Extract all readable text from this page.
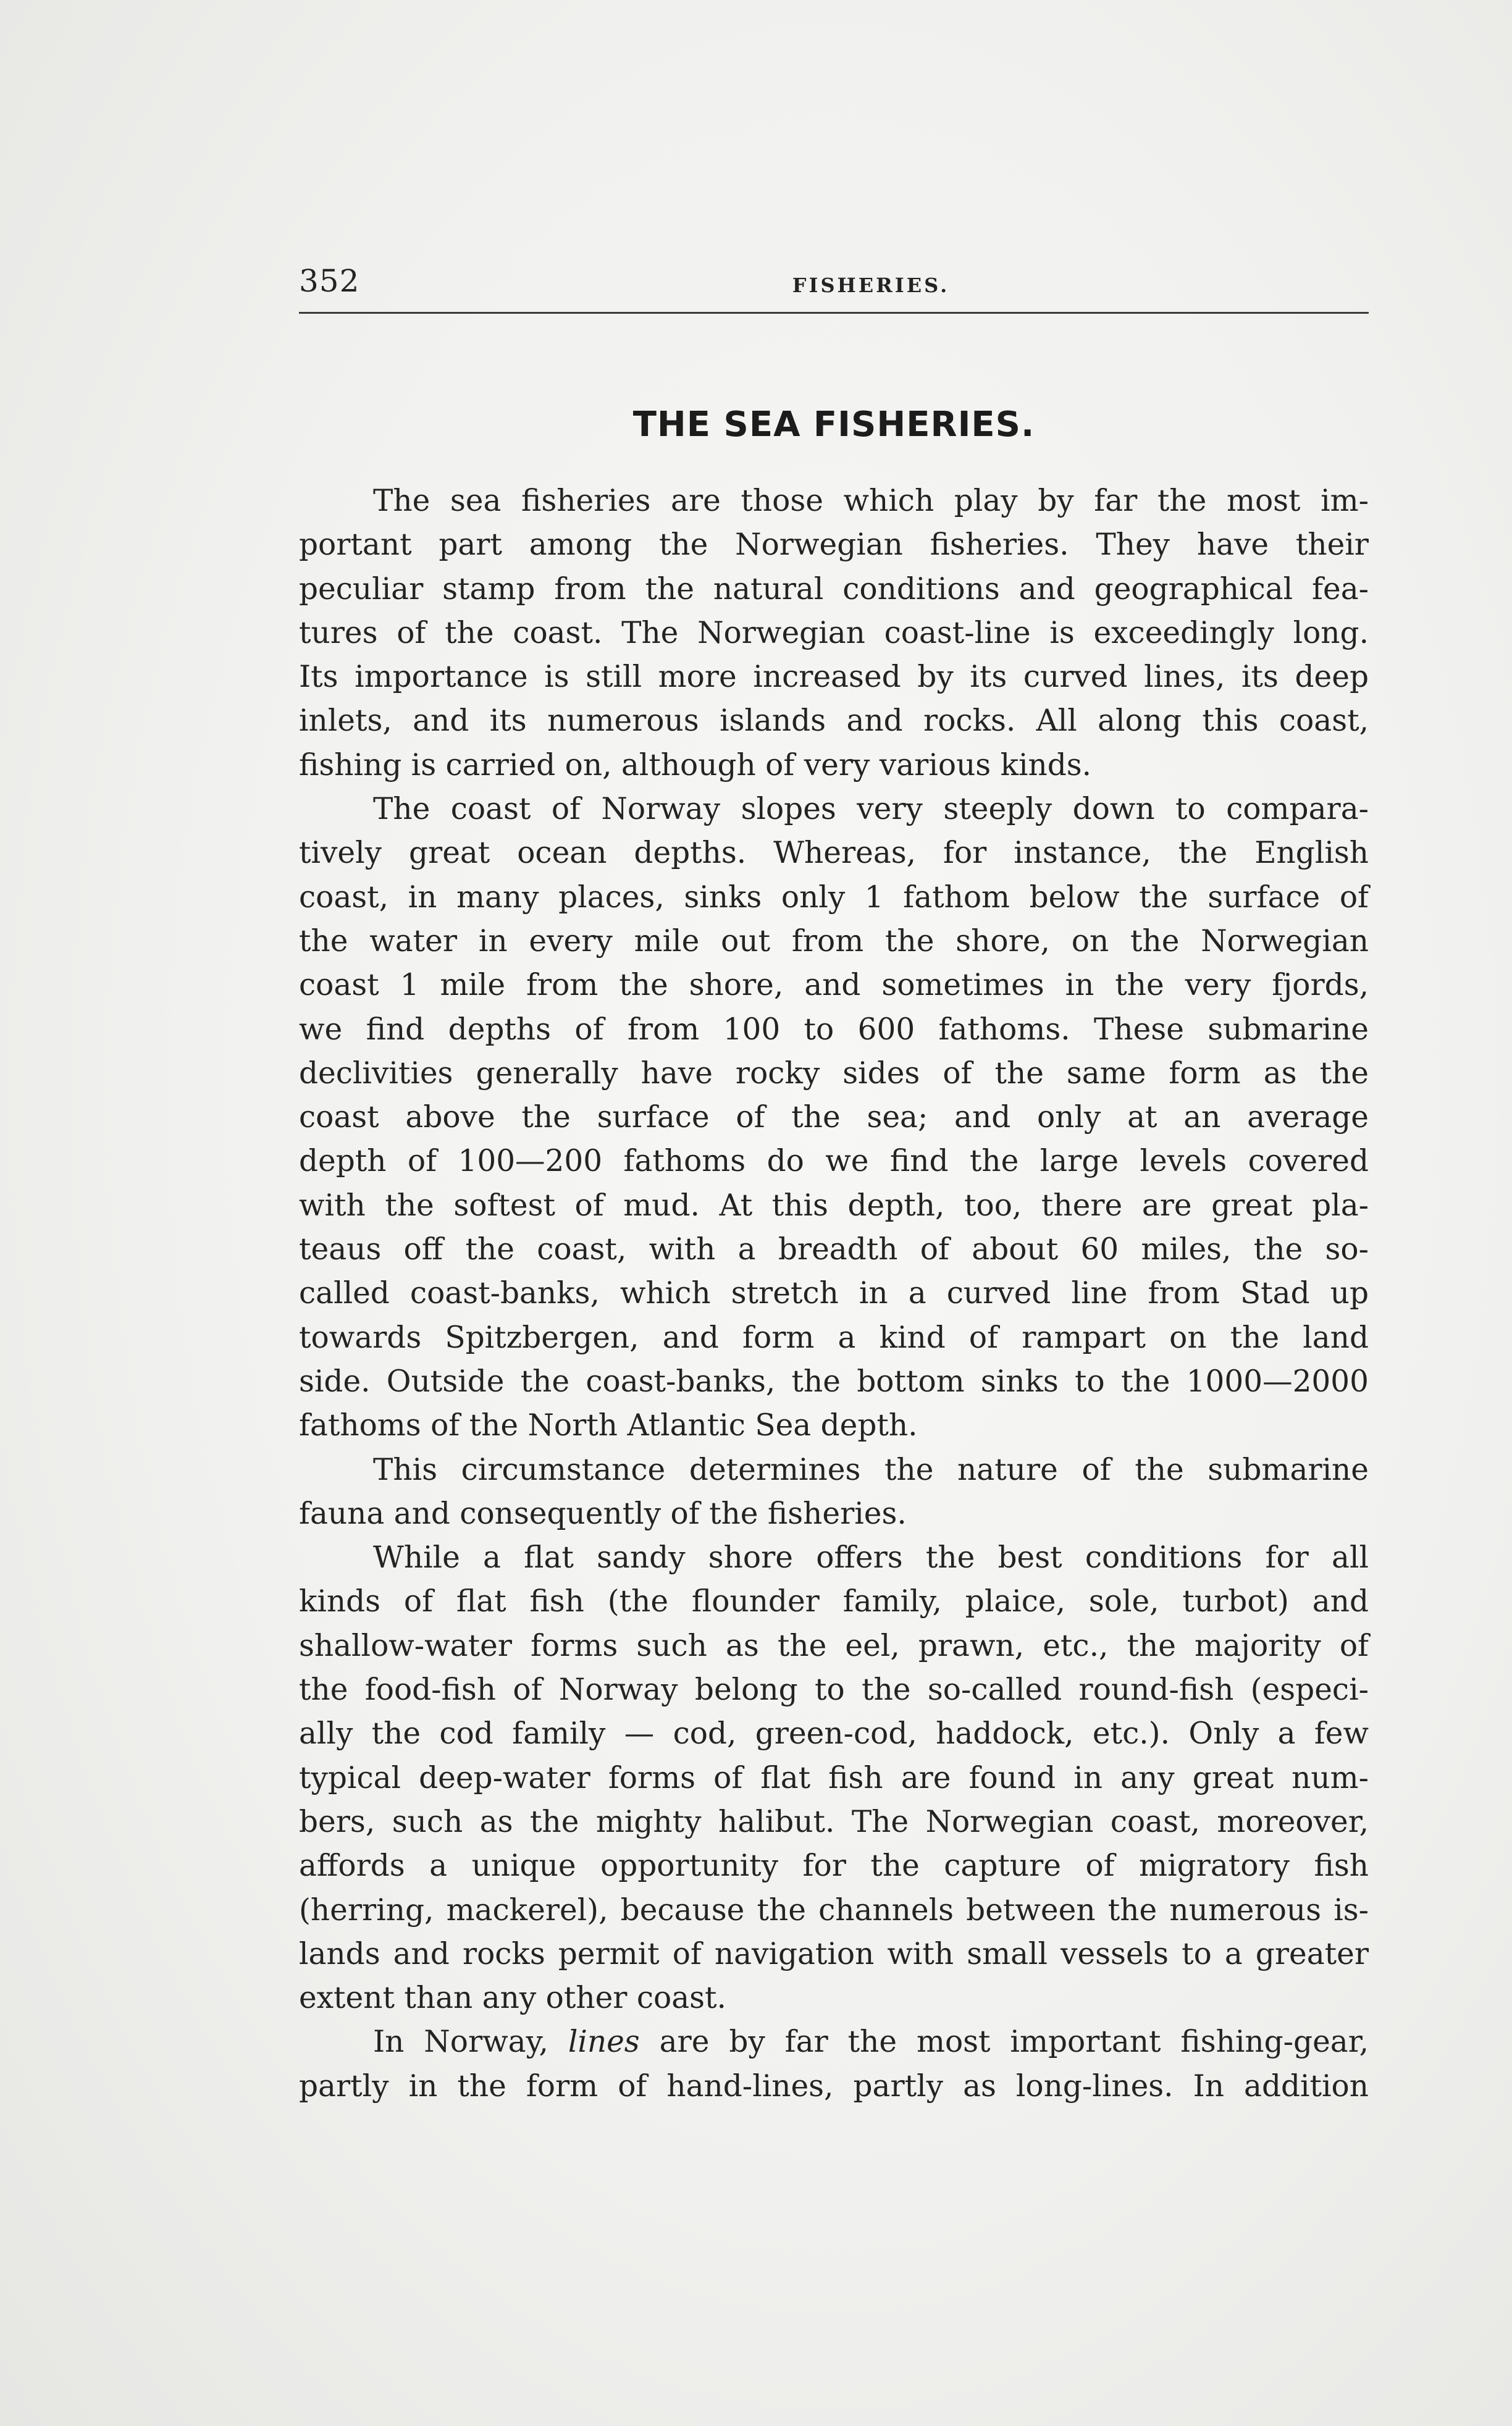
352	FISHERIES.
THE SEA FISHERIES.
The sea fisheries are those which play by far the most im-
portant part among the Norwegian fisheries. They have their
peculiar stamp from the natural conditions and geographical fea-
tures of the coast. The Norwegian coast-line is exceedingly long.
Its importance is still more increased by its curved lines, its deep
inlets, and its numerous islands and rocks. All along this coast,
fishing is carried on, although of very various kinds.
The coast of Norway slopes very steeply down to compara-
tively great ocean depths. Whereas, for instance, the English
coast, in many places, sinks only 1 fathom below the surface of
the water in every mile out from the shore, on the Norwegian
coast 1 mile from the shore, and sometimes in the very fjords,
we find depths of from 100 to 600 fathoms. These submarine
declivities generally have rocky sides of the same form as the
coast above the surface of the sea; and only at an average
depth of 100—200 fathoms do we find the large levels covered
with the softest of mud. At this depth, too, there are great pla-
teaus off the coast, with a breadth of about 60 miles, the so-
called coast-banks, which stretch in a curved line from Stad up
towards Spitzbergen, and form a kind of rampart on the land
side. Outside the coast-banks, the bottom sinks to the 1000—2000
fathoms of the North Atlantic Sea depth.
This circumstance determines the nature of the submarine
fauna and consequently of the fisheries.
While a flat sandy shore offers the best conditions for all
kinds of flat fish (the flounder family, plaice, sole, turbot) and
shallow-water forms such as the eel, prawn, etc., the majority of
the food-fish of Norway belong to the so-called round-fish (especi-
ally the cod family — cod, green-cod, haddock, etc.). Only a few
typical deep-water forms of flat fish are found in any great num-
bers, such as the mighty halibut. The Norwegian coast, moreover,
affords a unique opportunity for the capture of migratory fish
(herring, mackerel), because the channels between the numerous is-
lands and rocks permit of navigation with small vessels to a greater
extent than any other coast.
In Norway, lines are by far the most important fishing-gear,
partly in the form of hand-lines, partly as long-lines. In addition
